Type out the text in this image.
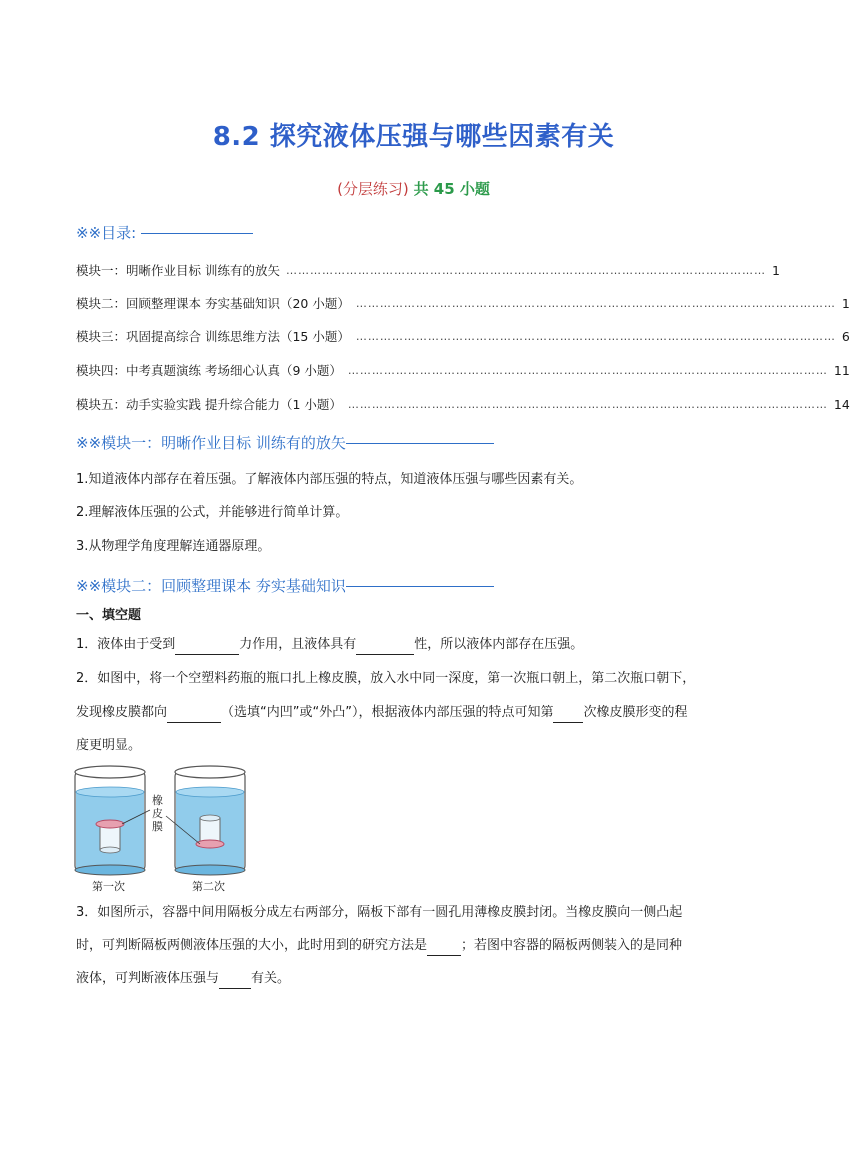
8.2 探究液体压强与哪些因素有关
(分层练习) 共 45 小题
※※目录:
模块一：明晰作业目标 训练有的放矢 ………………………………………………………………………………………………………… 1
模块二：回顾整理课本 夯实基础知识（20 小题） ………………………………………………………………………………………………………… 1
模块三：巩固提高综合 训练思维方法（15 小题） ………………………………………………………………………………………………………… 6
模块四：中考真题演练 考场细心认真（9 小题） ………………………………………………………………………………………………………… 11
模块五：动手实验实践 提升综合能力（1 小题） ………………………………………………………………………………………………………… 14
※※模块一：明晰作业目标 训练有的放矢
1.知道液体内部存在着压强。了解液体内部压强的特点，知道液体压强与哪些因素有关。
2.理解液体压强的公式，并能够进行简单计算。
3.从物理学角度理解连通器原理。
※※模块二：回顾整理课本 夯实基础知识
一、填空题
1．液体由于受到	力作用，且液体具有	性，所以液体内部存在压强。
2．如图中，将一个空塑料药瓶的瓶口扎上橡皮膜，放入水中同一深度，第一次瓶口朝上，第二次瓶口朝下，
发现橡皮膜都向	（选填“内凹”或“外凸”），根据液体内部压强的特点可知第 次橡皮膜形变的程
度更明显。
橡
皮
膜
第一次	第二次
3．如图所示，容器中间用隔板分成左右两部分，隔板下部有一圆孔用薄橡皮膜封闭。当橡皮膜向一侧凸起
时，可判断隔板两侧液体压强的大小，此时用到的研究方法是	；若图中容器的隔板两侧装入的是同种
液体，可判断液体压强与 有关。
